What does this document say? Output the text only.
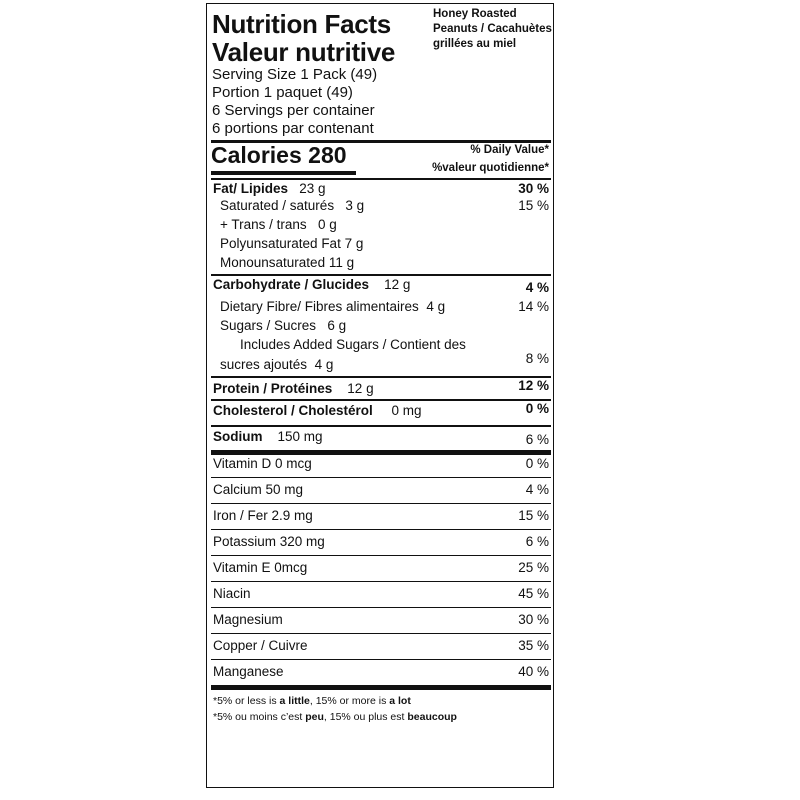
Nutrition Facts
Valeur nutritive
Honey Roasted Peanuts / Cacahuètes grillées au miel
Serving Size 1 Pack (49)
Portion 1 paquet (49)
6 Servings per container
6 portions par contenant
Calories 280	% Daily Value*
%valeur quotidienne*
Fat/ Lipides 23 g	30 %
Saturated / saturés 3 g	15 %
+ Trans / trans 0 g
Polyunsaturated Fat 7 g
Monounsaturated 11 g
Carbohydrate / Glucides 12 g	4 %
Dietary Fibre/ Fibres alimentaires 4 g	14 %
Sugars / Sucres 6 g
Includes Added Sugars / Contient des
sucres ajoutés 4 g	8 %
Protein / Protéines 12 g	12 %
Cholesterol / Cholestérol 0 mg	0 %
Sodium 150 mg	6 %
Vitamin D 0 mcg	0 %
Calcium 50 mg	4 %
Iron / Fer 2.9 mg	15 %
Potassium 320 mg	6 %
Vitamin E 0mcg	25 %
Niacin	45 %
Magnesium	30 %
Copper / Cuivre	35 %
Manganese	40 %
*5% or less is a little, 15% or more is a lot
*5% ou moins c’est peu, 15% ou plus est beaucoup
